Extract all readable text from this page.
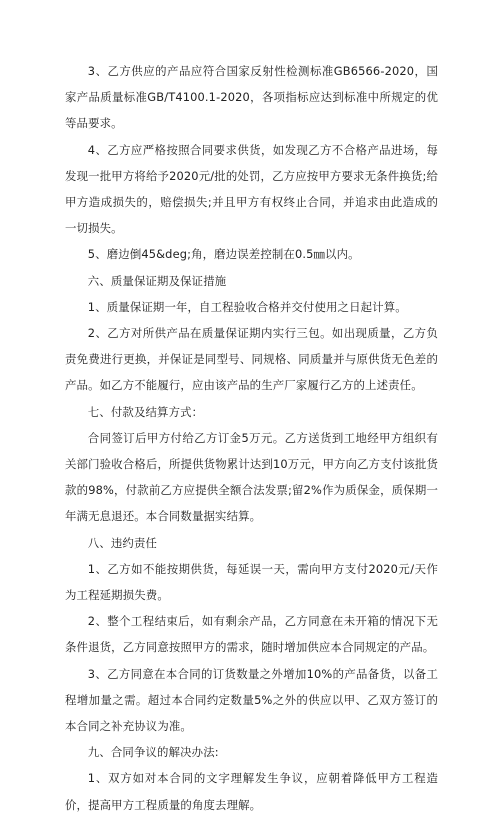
3、乙方供应的产品应符合国家反射性检测标准GB6566-2020，国家产品质量标准GB/T4100.1-2020，各项指标应达到标准中所规定的优等品要求。

4、乙方应严格按照合同要求供货，如发现乙方不合格产品进场，每发现一批甲方将给予2020元/批的处罚，乙方应按甲方要求无条件换货;给甲方造成损失的，赔偿损失;并且甲方有权终止合同，并追求由此造成的一切损失。

5、磨边倒45&deg;角，磨边误差控制在0.5㎜以内。

六、质量保证期及保证措施

1、质量保证期一年，自工程验收合格并交付使用之日起计算。

2、乙方对所供产品在质量保证期内实行三包。如出现质量，乙方负责免费进行更换，并保证是同型号、同规格、同质量并与原供货无色差的产品。如乙方不能履行，应由该产品的生产厂家履行乙方的上述责任。

七、付款及结算方式：

合同签订后甲方付给乙方订金5万元。乙方送货到工地经甲方组织有关部门验收合格后，所提供货物累计达到10万元，甲方向乙方支付该批货款的98%，付款前乙方应提供全额合法发票;留2%作为质保金，质保期一年满无息退还。本合同数量据实结算。

八、违约责任

1、乙方如不能按期供货，每延误一天，需向甲方支付2020元/天作为工程延期损失费。

2、整个工程结束后，如有剩余产品，乙方同意在未开箱的情况下无条件退货，乙方同意按照甲方的需求，随时增加供应本合同规定的产品。

3、乙方同意在本合同的订货数量之外增加10%的产品备货，以备工程增加量之需。超过本合同约定数量5%之外的供应以甲、乙双方签订的本合同之补充协议为准。

九、合同争议的解决办法:

1、双方如对本合同的文字理解发生争议，应朝着降低甲方工程造价，提高甲方工程质量的角度去理解。
